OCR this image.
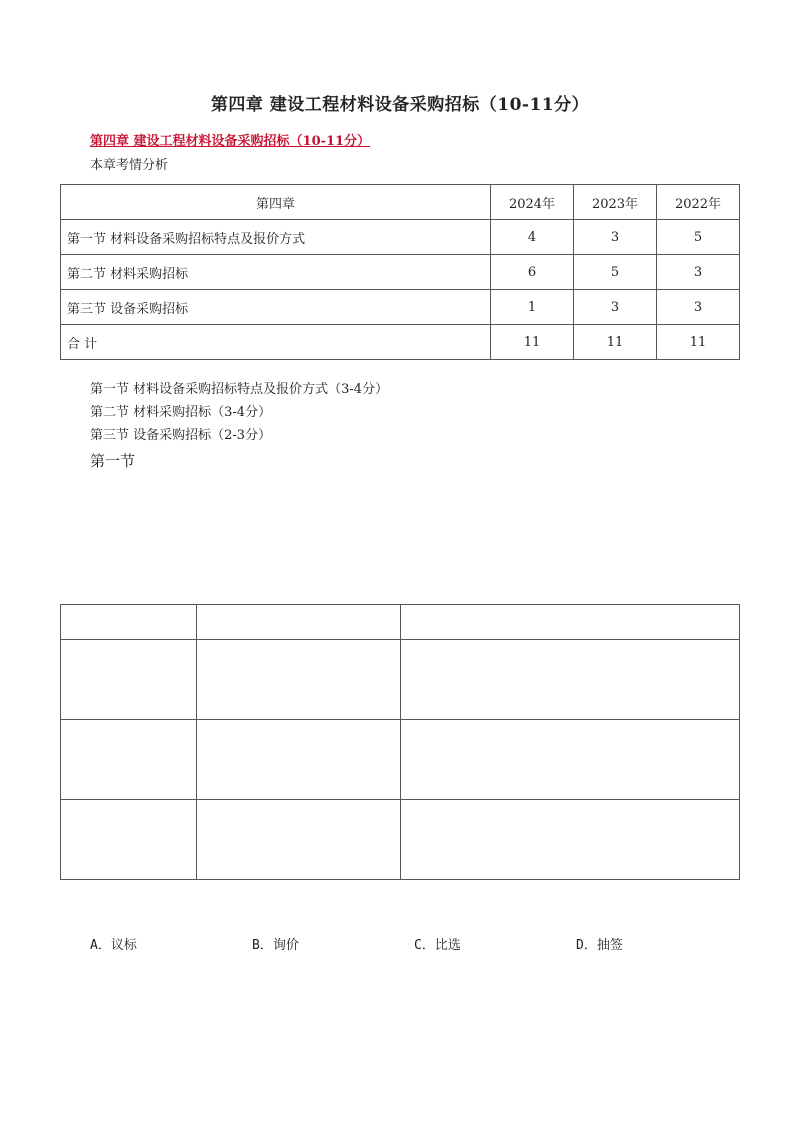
第四章 建设工程材料设备采购招标（10-11分）
第四章 建设工程材料设备采购招标（10-11分）
本章考情分析
第四章	2024年	2023年	2022年
第一节 材料设备采购招标特点及报价方式	4	3	5
第二节 材料采购招标	6	5	3
第三节 设备采购招标	1	3	3
合 计	11	11	11
第一节 材料设备采购招标特点及报价方式（3-4分）
第二节 材料采购招标（3-4分）
第三节 设备采购招标（2-3分）
第一节

A．议标	B．询价	C．比选	D．抽签
